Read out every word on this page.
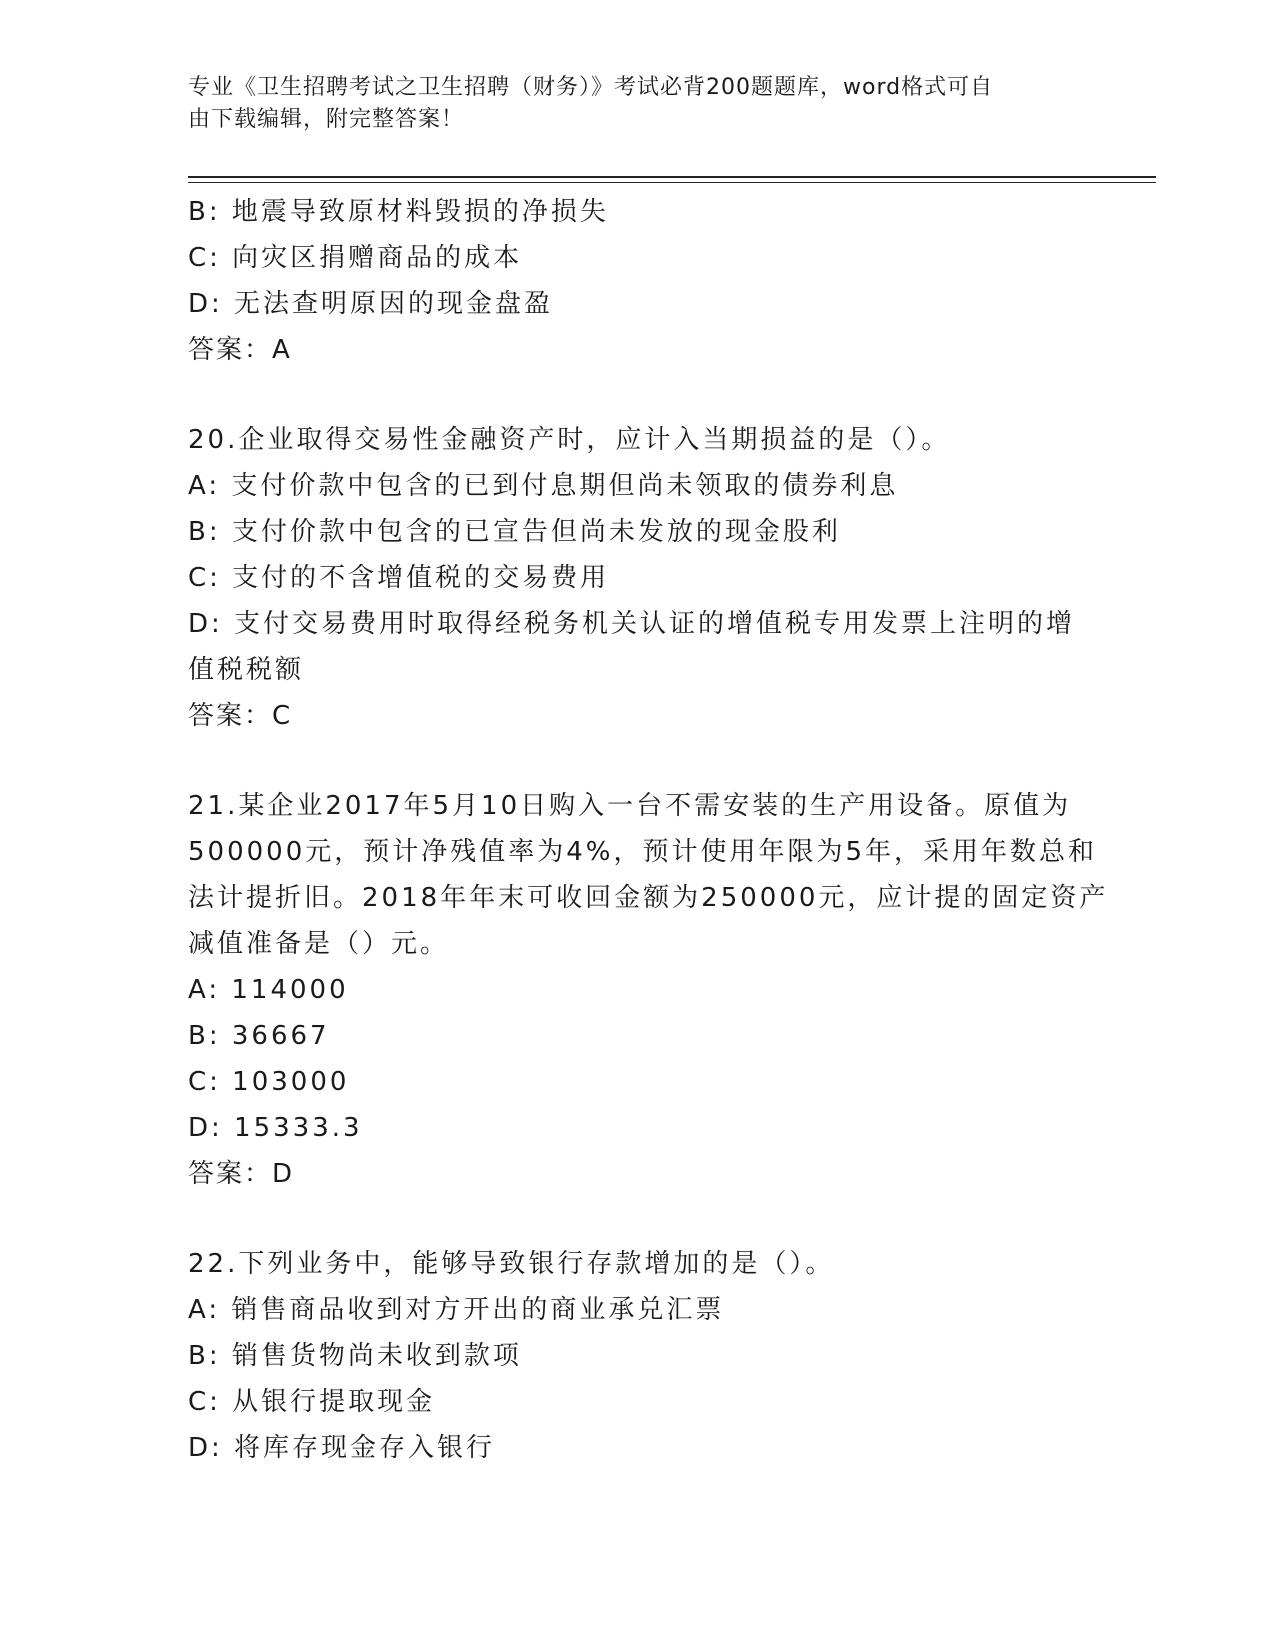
专业《卫生招聘考试之卫生招聘（财务）》考试必背200题题库，word格式可自
由下载编辑，附完整答案！
B: 地震导致原材料毁损的净损失
C: 向灾区捐赠商品的成本
D: 无法查明原因的现金盘盈
答案：A
20.企业取得交易性金融资产时，应计入当期损益的是（）。
A: 支付价款中包含的已到付息期但尚未领取的债券利息
B: 支付价款中包含的已宣告但尚未发放的现金股利
C: 支付的不含增值税的交易费用
D: 支付交易费用时取得经税务机关认证的增值税专用发票上注明的增
值税税额
答案：C
21.某企业2017年5月10日购入一台不需安装的生产用设备。原值为
500000元，预计净残值率为4%，预计使用年限为5年，采用年数总和
法计提折旧。2018年年末可收回金额为250000元，应计提的固定资产
减值准备是（）元。
A: 114000
B: 36667
C: 103000
D: 15333.3
答案：D
22.下列业务中，能够导致银行存款增加的是（）。
A: 销售商品收到对方开出的商业承兑汇票
B: 销售货物尚未收到款项
C: 从银行提取现金
D: 将库存现金存入银行
